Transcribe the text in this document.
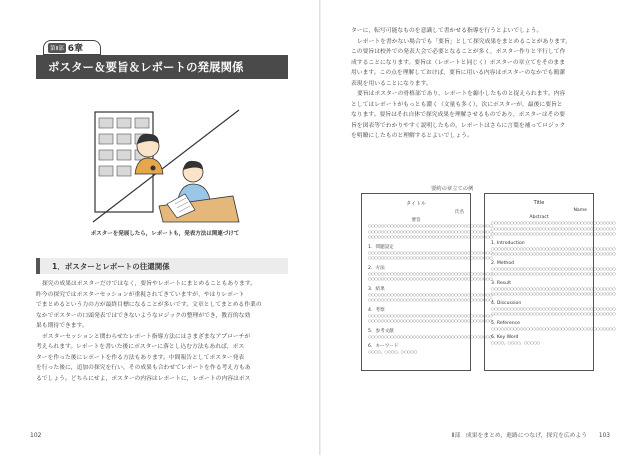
第Ⅱ部 6章
ポスター＆要旨＆レポートの発展関係
ポスターを発展したら，レポートも，発表方法は関連づけて
1．ポスターとレポートの往還関係

探究の成果はポスターだけではなく，要旨やレポートにまとめることもあります。

昨今の探究ではポスターセッションが重視されてきていますが，やはりレポート

でまとめるという力の方が最終目標になることが多いです。文章としてまとめる作業の

なかでポスターの口頭発表ではできないようなロジックの整理ができ，教育的な効

果も期待できます。

ポスターセッションと関わらせたレポート指導方法にはさまざまなアプローチが

考えられます。レポートを書いた後にポスターに落とし込む方法もあれば，ポス

ターを作った後にレポートを作る方法もあります。中間報告としてポスター発表

を行った後に，追加の探究を行い，その成果も合わせてレポートを作る考え方もあ

るでしょう。どちらにせよ，ポスターの内容はレポートに，レポートの内容はポス

102

ターに，転写可能なものを意識して書かせる指導を行うとよいでしょう。

レポートを書かない場合でも「要旨」として探究成果をまとめることがあります。

この要旨は校外での発表大会で必要となることが多く，ポスター作りと平行して作

成することになります。要旨は（レポートと同じく）ポスターの章立てをそのまま

用います。この点を理解しておけば，要旨に用いる内容はポスターのなかでも簡潔

表現を用いることになります。

要旨はポスターの骨格部であり，レポートを縮小したものと捉えられます。内容

としてはレポートがもっとも濃く（文量も多く），次にポスターが，最後に要旨と

なります。要旨はそれ自体で探究成果を理解させるものであり，ポスターはその要

旨を図表等でわかりやすく説明したもの，レポートはさらに言葉を補ってロジック

を明瞭にしたものと理解するとよいでしょう。

要約の章立ての例
タイトル
氏名
要旨
○○○○○○○○○○○○○○○○○○○○○○○○○○○○○○○○○○○○○○○
○○○○○○○○○○○○○○○○○○○○○○○○○○○○○○○○○○○○○○○
○○○○○○○○○○○○○○○○○○○○○○○○○○○○○○○○○○○○○○○
1．問題設定
○○○○○○○○○○○○○○○○○○○○○○○○○○○○○○○○○○○○○○○
○○○○○○○○○○○○○○○○○○○○○○○○○○○○○○○○○○○○○○○
2．方法
○○○○○○○○○○○○○○○○○○○○○○○○○○○○○○○○○○○○○○○
○○○○○○○○○○○○○○○○○○○○○○○○○○○○○○○○○○○○○○○
3．結果
○○○○○○○○○○○○○○○○○○○○○○○○○○○○○○○○○○○○○○○
○○○○○○○○○○○○○○○○○○○○○○○○○○○○○○○○○○○○○○○
4．考察
○○○○○○○○○○○○○○○○○○○○○○○○○○○○○○○○○○○○○○○
○○○○○○○○○○○○○○○○○○○○○○○○○○○○○○○○○○○○○○○
5．参考文献
○○○○○○○○○○○○○○○○○○○○○○○○○○○○○○○○○○○○○○○
6．キーワード
○○○○，○○○○，○○○○○
Title
Name
Abstract
○○○○○○○○○○○○○○○○○○○○○○○○○○○○○○○○○○○○○○○
○○○○○○○○○○○○○○○○○○○○○○○○○○○○○○○○○○○○○○○
○○○○○○○○○○○○○○○○○○○○○○○○○○○○○○○○○○○○○○○
1. Introduction
○○○○○○○○○○○○○○○○○○○○○○○○○○○○○○○○○○○○○○○
○○○○○○○○○○○○○○○○○○○○○○○○○○○○○○○○○○○○○○○
2. Method
○○○○○○○○○○○○○○○○○○○○○○○○○○○○○○○○○○○○○○○
○○○○○○○○○○○○○○○○○○○○○○○○○○○○○○○○○○○○○○○
3. Result
○○○○○○○○○○○○○○○○○○○○○○○○○○○○○○○○○○○○○○○
○○○○○○○○○○○○○○○○○○○○○○○○○○○○○○○○○○○○○○○
4. Discussion
○○○○○○○○○○○○○○○○○○○○○○○○○○○○○○○○○○○○○○○
○○○○○○○○○○○○○○○○○○○○○○○○○○○○○○○○○○○○○○○
5. Reference
○○○○○○○○○○○○○○○○○○○○○○○○○○○○○○○○○○○○○○○
6. Key Word
○○○○，○○○○，○○○○○
Ⅱ部　成果をまとめ，進路につなげ，探究を広めよう 103
